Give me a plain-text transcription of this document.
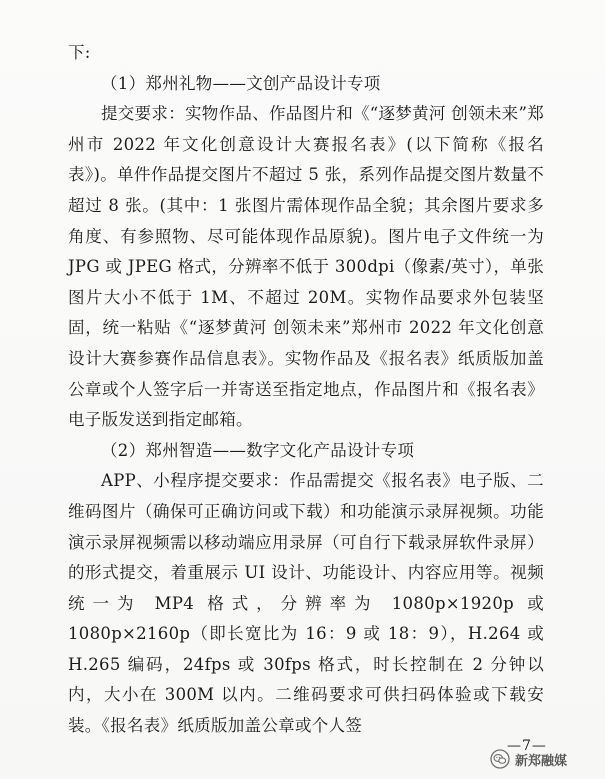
下:

（1）郑州礼物——文创产品设计专项

提交要求：实物作品、作品图片和《“逐梦黄河 创领未来”郑州市 2022 年文化创意设计大赛报名表》(以下简称《报名表》)。单件作品提交图片不超过 5 张，系列作品提交图片数量不超过 8 张。(其中：1 张图片需体现作品全貌；其余图片要求多角度、有参照物、尽可能体现作品原貌)。图片电子文件统一为 JPG 或 JPEG 格式，分辨率不低于 300dpi（像素/英寸），单张图片大小不低于 1M、不超过 20M。实物作品要求外包装坚固，统一粘贴《“逐梦黄河 创领未来”郑州市 2022 年文化创意设计大赛参赛作品信息表》。实物作品及《报名表》纸质版加盖公章或个人签字后一并寄送至指定地点，作品图片和《报名表》电子版发送到指定邮箱。

（2）郑州智造——数字文化产品设计专项

APP、小程序提交要求：作品需提交《报名表》电子版、二维码图片（确保可正确访问或下载）和功能演示录屏视频。功能演示录屏视频需以移动端应用录屏（可自行下载录屏软件录屏）的形式提交，着重展示 UI 设计、功能设计、内容应用等。视频统一为 MP4 格式，分辨率为 1080p×1920p 或 1080p×2160p（即长宽比为 16：9 或 18：9），H.264 或 H.265 编码，24fps 或 30fps 格式，时长控制在 2 分钟以内，大小在 300M 以内。二维码要求可供扫码体验或下载安装。《报名表》纸质版加盖公章或个人签

—7—
新郑融媒
